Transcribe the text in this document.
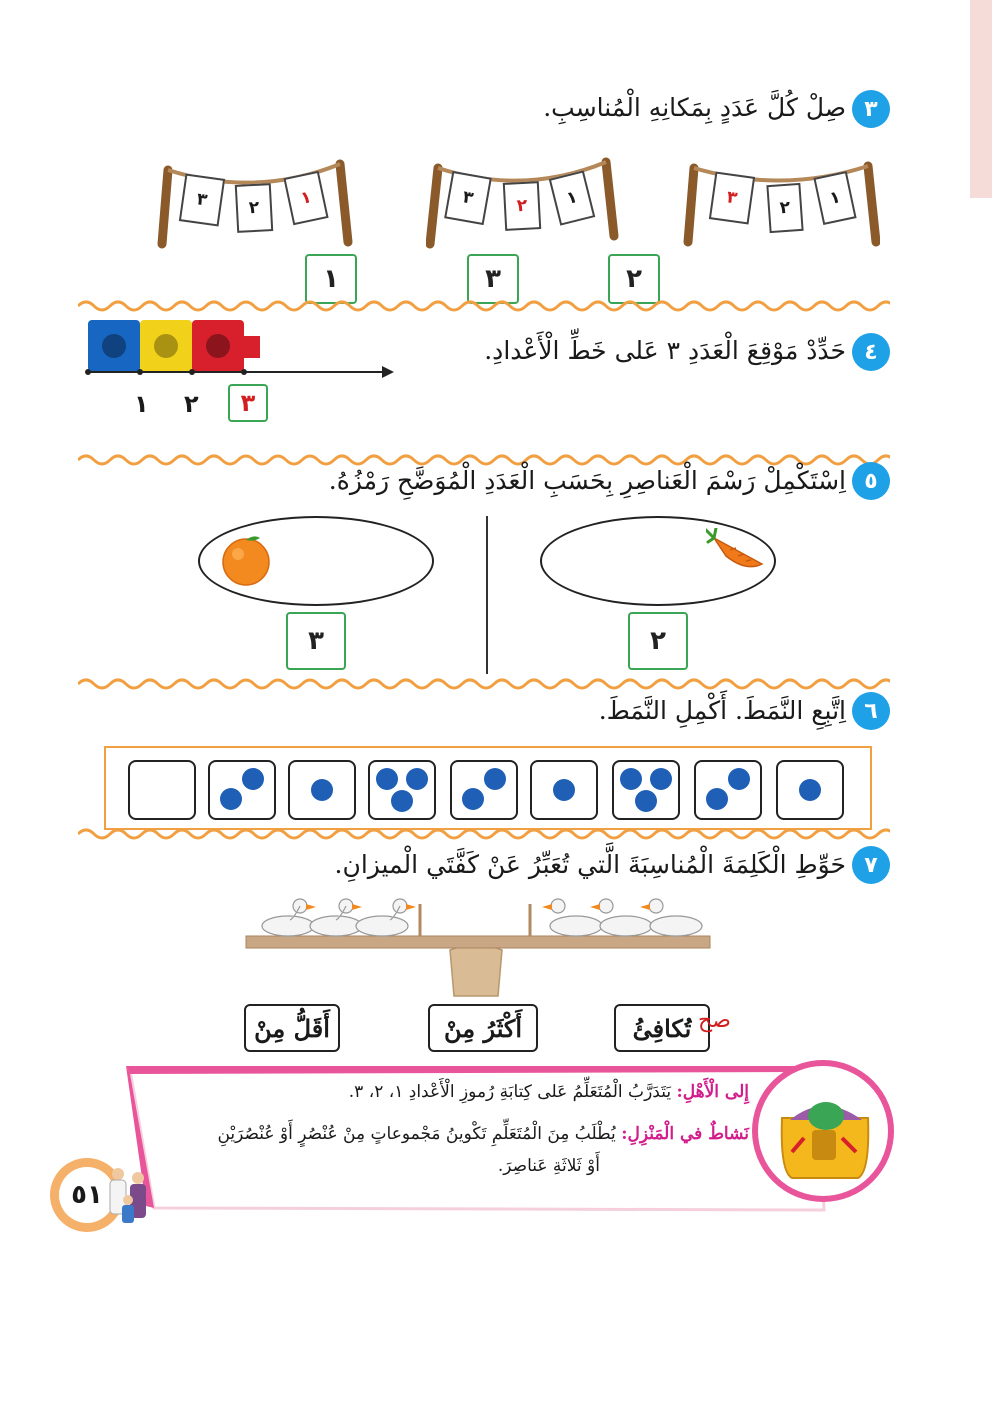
٣
صِلْ كُلَّ عَدَدٍ بِمَكانِهِ الْمُناسِبِ.
١
٢
٣
١
٢
٣
١
٢
٣
٢
٣
١
٤
حَدِّدْ مَوْقِعَ الْعَدَدِ ٣ عَلى خَطِّ الْأَعْدادِ.
١ ٢	٣
٥
اِسْتَكْمِلْ رَسْمَ الْعَناصِرِ بِحَسَبِ الْعَدَدِ الْمُوَضَّحِ رَمْزُهُ.
٢
٣
٦
اِتَّبِعِ النَّمَطَ. أَكْمِلِ النَّمَطَ.
٧
حَوِّطِ الْكَلِمَةَ الْمُناسِبَةَ الَّتي تُعَبِّرُ عَنْ كَفَّتَي الْميزانِ.
تُكافِئُ
أَكْثَرُ مِنْ
أَقَلُّ مِنْ	صح
إِلى الْأَهْلِ: يَتَدَرَّبُ الْمُتَعَلِّمُ عَلى كِتابَةِ رُموزِ الْأَعْدادِ ١، ٢، ٣.
نَشاطٌ في الْمَنْزِلِ: يُطْلَبُ مِنَ الْمُتَعَلِّمِ تَكْوينُ مَجْموعاتٍ مِنْ عُنْصُرٍ أَوْ عُنْصُرَيْنِ
أَوْ ثَلاثَةِ عَناصِرَ.
٥١
